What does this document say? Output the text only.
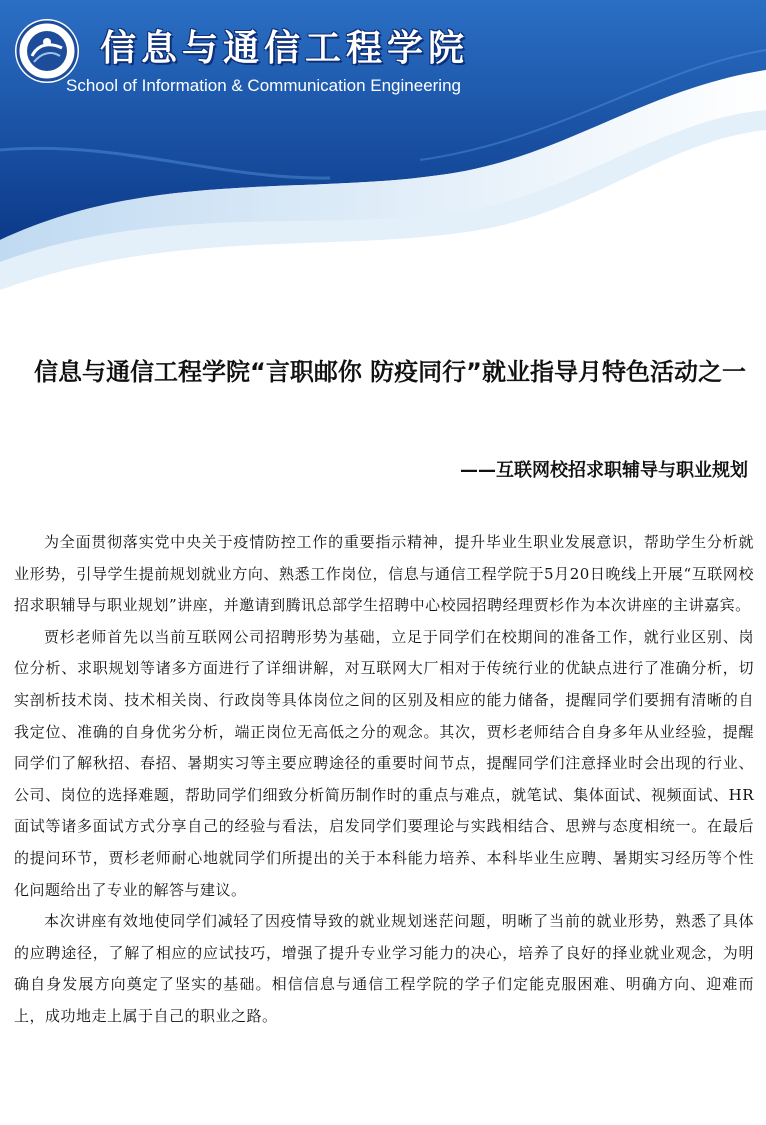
信息与通信工程学院
School of Information & Communication Engineering
信息与通信工程学院“言职邮你 防疫同行”就业指导月特色活动之一
——互联网校招求职辅导与职业规划

为全面贯彻落实党中央关于疫情防控工作的重要指示精神，提升毕业生职业发展意识，帮助学生分析就业形势，引导学生提前规划就业方向、熟悉工作岗位，信息与通信工程学院于5月20日晚线上开展“互联网校招求职辅导与职业规划”讲座，并邀请到腾讯总部学生招聘中心校园招聘经理贾杉作为本次讲座的主讲嘉宾。

贾杉老师首先以当前互联网公司招聘形势为基础，立足于同学们在校期间的准备工作，就行业区别、岗位分析、求职规划等诸多方面进行了详细讲解，对互联网大厂相对于传统行业的优缺点进行了准确分析，切实剖析技术岗、技术相关岗、行政岗等具体岗位之间的区别及相应的能力储备，提醒同学们要拥有清晰的自我定位、准确的自身优劣分析，端正岗位无高低之分的观念。其次，贾杉老师结合自身多年从业经验，提醒同学们了解秋招、春招、暑期实习等主要应聘途径的重要时间节点，提醒同学们注意择业时会出现的行业、公司、岗位的选择难题，帮助同学们细致分析简历制作时的重点与难点，就笔试、集体面试、视频面试、HR面试等诸多面试方式分享自己的经验与看法，启发同学们要理论与实践相结合、思辨与态度相统一。在最后的提问环节，贾杉老师耐心地就同学们所提出的关于本科能力培养、本科毕业生应聘、暑期实习经历等个性化问题给出了专业的解答与建议。

本次讲座有效地使同学们减轻了因疫情导致的就业规划迷茫问题，明晰了当前的就业形势，熟悉了具体的应聘途径，了解了相应的应试技巧，增强了提升专业学习能力的决心，培养了良好的择业就业观念，为明确自身发展方向奠定了坚实的基础。相信信息与通信工程学院的学子们定能克服困难、明确方向、迎难而上，成功地走上属于自己的职业之路。
